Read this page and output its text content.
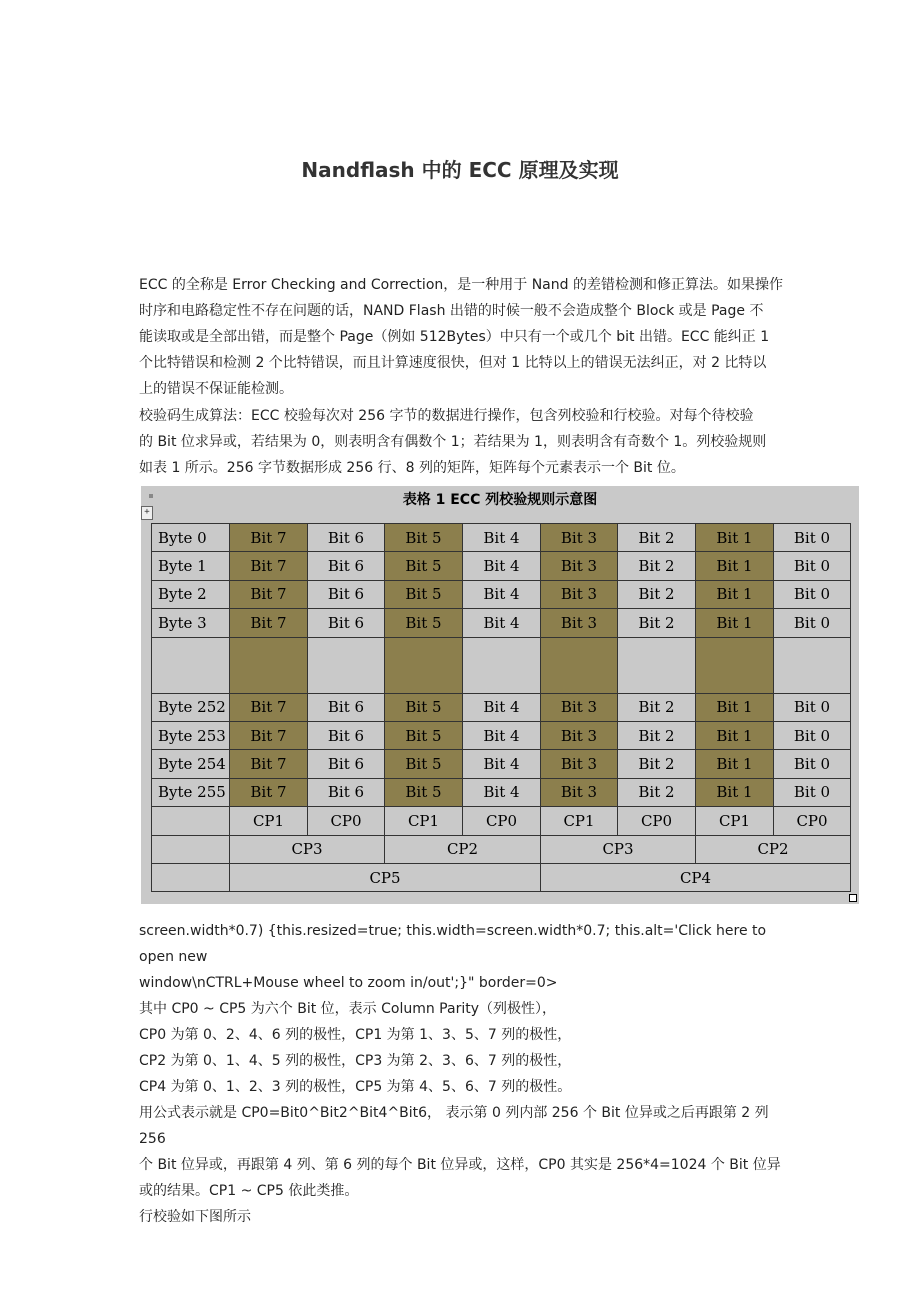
Nandflash 中的 ECC 原理及实现
ECC 的全称是 Error Checking and Correction，是一种用于 Nand 的差错检测和修正算法。如果操作
时序和电路稳定性不存在问题的话，NAND Flash 出错的时候一般不会造成整个 Block 或是 Page 不
能读取或是全部出错，而是整个 Page（例如 512Bytes）中只有一个或几个 bit 出错。ECC 能纠正 1
个比特错误和检测 2 个比特错误，而且计算速度很快，但对 1 比特以上的错误无法纠正，对 2 比特以
上的错误不保证能检测。
校验码生成算法：ECC 校验每次对 256 字节的数据进行操作，包含列校验和行校验。对每个待校验
的 Bit 位求异或，若结果为 0，则表明含有偶数个 1；若结果为 1，则表明含有奇数个 1。列校验规则
如表 1 所示。256 字节数据形成 256 行、8 列的矩阵，矩阵每个元素表示一个 Bit 位。
+
表格 1 ECC 列校验规则示意图
Byte 0	Bit 7	Bit 6	Bit 5	Bit 4	Bit 3	Bit 2	Bit 1	Bit 0
Byte 1	Bit 7	Bit 6	Bit 5	Bit 4	Bit 3	Bit 2	Bit 1	Bit 0
Byte 2	Bit 7	Bit 6	Bit 5	Bit 4	Bit 3	Bit 2	Bit 1	Bit 0
Byte 3	Bit 7	Bit 6	Bit 5	Bit 4	Bit 3	Bit 2	Bit 1	Bit 0

Byte 252	Bit 7	Bit 6	Bit 5	Bit 4	Bit 3	Bit 2	Bit 1	Bit 0
Byte 253	Bit 7	Bit 6	Bit 5	Bit 4	Bit 3	Bit 2	Bit 1	Bit 0
Byte 254	Bit 7	Bit 6	Bit 5	Bit 4	Bit 3	Bit 2	Bit 1	Bit 0
Byte 255	Bit 7	Bit 6	Bit 5	Bit 4	Bit 3	Bit 2	Bit 1	Bit 0
	CP1	CP0	CP1	CP0	CP1	CP0	CP1	CP0
	CP3		CP2		CP3		CP2	
	CP5				CP4			
screen.width*0.7) {this.resized=true; this.width=screen.width*0.7; this.alt='Click here to open new
window\nCTRL+Mouse wheel to zoom in/out';}" border=0>
其中 CP0 ~ CP5 为六个 Bit 位，表示 Column Parity（列极性），
CP0 为第 0、2、4、6 列的极性，CP1 为第 1、3、5、7 列的极性，
CP2 为第 0、1、4、5 列的极性，CP3 为第 2、3、6、7 列的极性，
CP4 为第 0、1、2、3 列的极性，CP5 为第 4、5、6、7 列的极性。
用公式表示就是 CP0=Bit0^Bit2^Bit4^Bit6， 表示第 0 列内部 256 个 Bit 位异或之后再跟第 2 列 256
个 Bit 位异或，再跟第 4 列、第 6 列的每个 Bit 位异或，这样，CP0 其实是 256*4=1024 个 Bit 位异
或的结果。CP1 ~ CP5 依此类推。
行校验如下图所示
